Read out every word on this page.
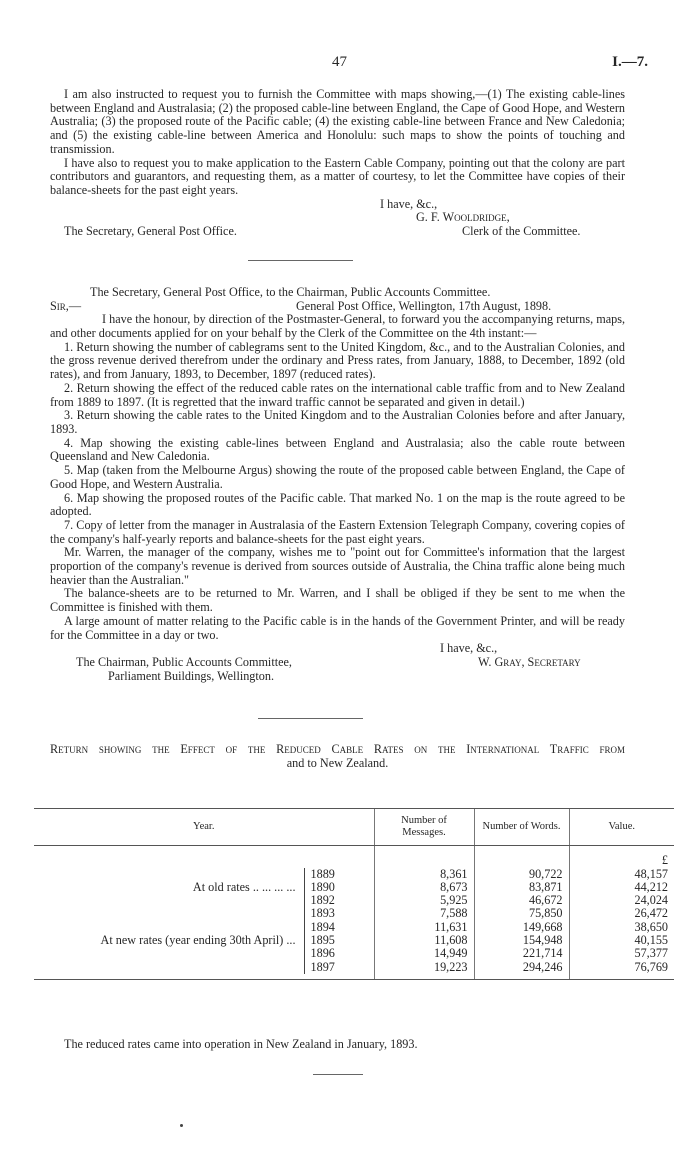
47	I.—7.

I am also instructed to request you to furnish the Committee with maps showing,—(1) The existing cable-lines between England and Australasia; (2) the proposed cable-line between England, the Cape of Good Hope, and Western Australia; (3) the proposed route of the Pacific cable; (4) the existing cable-line between France and New Caledonia; and (5) the existing cable-line between America and Honolulu: such maps to show the points of touching and transmission.

I have also to request you to make application to the Eastern Cable Company, pointing out that the colony are part contributors and guarantors, and requesting them, as a matter of courtesy, to let the Committee have copies of their balance-sheets for the past eight years.

I have, &c.,
G. F. Wooldridge,
The Secretary, General Post Office.	Clerk of the Committee.
The Secretary, General Post Office, to the Chairman, Public Accounts Committee.
Sir,—	General Post Office, Wellington, 17th August, 1898.

I have the honour, by direction of the Postmaster-General, to forward you the accompanying returns, maps, and other documents applied for on your behalf by the Clerk of the Committee on the 4th instant:—

1. Return showing the number of cablegrams sent to the United Kingdom, &c., and to the Australian Colonies, and the gross revenue derived therefrom under the ordinary and Press rates, from January, 1888, to December, 1892 (old rates), and from January, 1893, to December, 1897 (reduced rates).

2. Return showing the effect of the reduced cable rates on the international cable traffic from and to New Zealand from 1889 to 1897. (It is regretted that the inward traffic cannot be separated and given in detail.)

3. Return showing the cable rates to the United Kingdom and to the Australian Colonies before and after January, 1893.

4. Map showing the existing cable-lines between England and Australasia; also the cable route between Queensland and New Caledonia.

5. Map (taken from the Melbourne Argus) showing the route of the proposed cable between England, the Cape of Good Hope, and Western Australia.

6. Map showing the proposed routes of the Pacific cable. That marked No. 1 on the map is the route agreed to be adopted.

7. Copy of letter from the manager in Australasia of the Eastern Extension Telegraph Company, covering copies of the company's half-yearly reports and balance-sheets for the past eight years.

Mr. Warren, the manager of the company, wishes me to "point out for Committee's information that the largest proportion of the company's revenue is derived from sources outside of Australia, the China traffic alone being much heavier than the Australian."

The balance-sheets are to be returned to Mr. Warren, and I shall be obliged if they be sent to me when the Committee is finished with them.

A large amount of matter relating to the Pacific cable is in the hands of the Government Printer, and will be ready for the Committee in a day or two.

I have, &c.,
The Chairman, Public Accounts Committee,	W. Gray, Secretary
Parliament Buildings, Wellington.
Return showing the Effect of the Reduced Cable Rates on the International Traffic from
and to New Zealand.
Year.		Number of Messages.	Number of Words.	Value.
				£
At old rates .. ... ... ...	1889	8,361	90,722	48,157
	1890	8,673	83,871	44,212
	1892	5,925	46,672	24,024
At new rates (year ending 30th April) ...	1893	7,588	75,850	26,472
	1894	11,631	149,668	38,650
	1895	11,608	154,948	40,155
	1896	14,949	221,714	57,377
	1897	19,223	294,246	76,769

The reduced rates came into operation in New Zealand in January, 1893.
